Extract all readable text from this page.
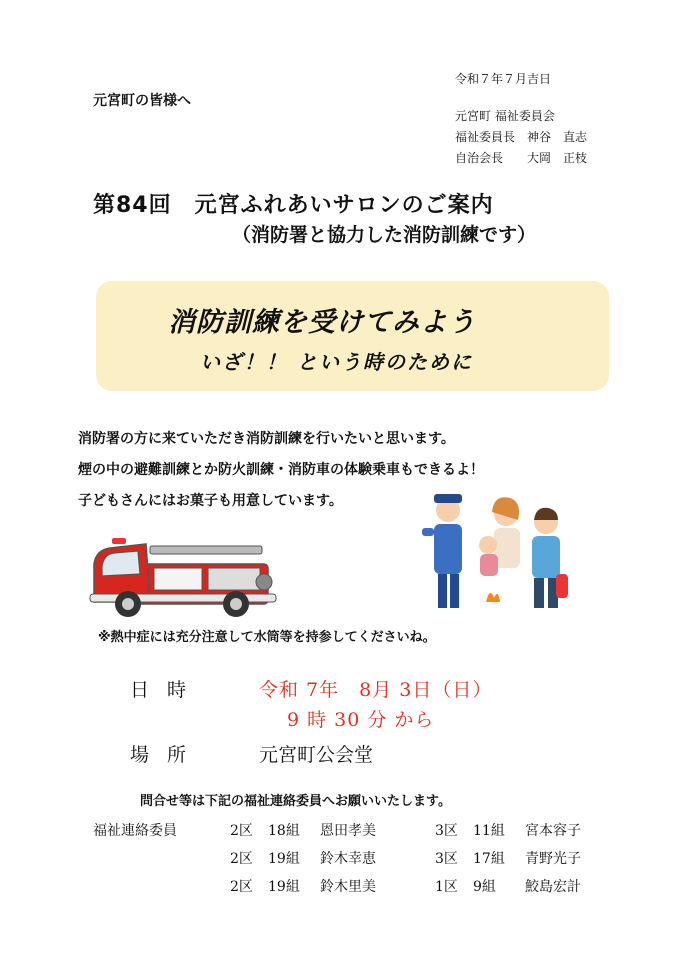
令和７年７月吉日
元宮町の皆様へ
元宮町 福祉委員会
福祉委員長　神谷　直志
自治会長　　大岡　正枝
第84回　元宮ふれあいサロンのご案内
（消防署と協力した消防訓練です）
消防訓練を受けてみよう
いざ！！ という時のために
消防署の方に来ていただき消防訓練を行いたいと思います。
煙の中の避難訓練とか防火訓練・消防車の体験乗車もできるよ！
子どもさんにはお菓子も用意しています。
※熱中症には充分注意して水筒等を持参してくださいね。
日時	令和 7年　8月 3日（日）
9 時 30 分 から
場所	元宮町公会堂
問合せ等は下記の福祉連絡委員へお願いいたします。
福祉連絡委員	2区 18組 恩田孝美	3区 11組 宮本容子
2区 19組 鈴木幸恵	3区 17組 青野光子
2区 19組 鈴木里美	1区 9組 鮫島宏計
